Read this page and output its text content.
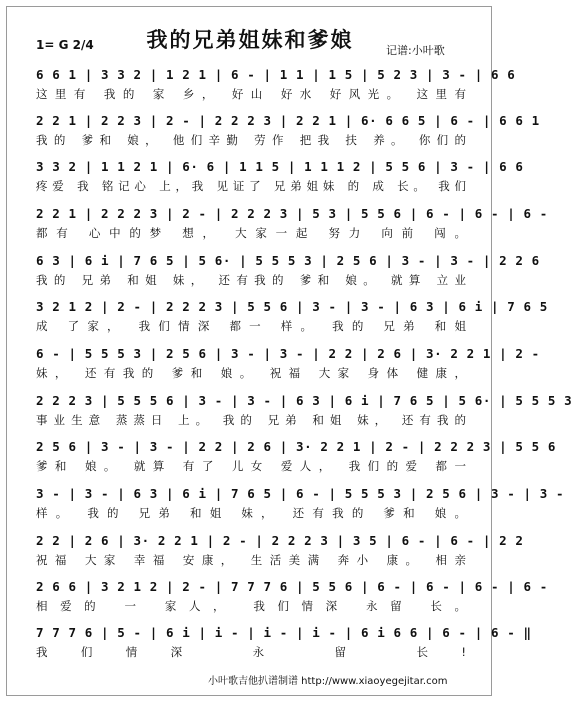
我的兄弟姐妹和爹娘
1= G 2/4	记谱:小叶歌
6 6 1 | 3 3 2 | 1 2 1 | 6 - | 1 1 | 1 5 | 5 2 3 | 3 - | 6 6
这里有 我的 家 乡， 好山 好水 好风光。 这里有
2 2 1 | 2 2 3 | 2 - | 2 2 2 3 | 2 2 1 | 6· 6 6 5 | 6 - | 6 6 1
我的 爹和 娘， 他们辛勤 劳作 把我 扶 养。 你们的
3 3 2 | 1 1 2 1 | 6· 6 | 1 1 5 | 1 1 1 2 | 5 5 6 | 3 - | 6 6
疼爱 我 铭记心 上，我 见证了 兄弟姐妹 的 成 长。 我们
2 2 1 | 2 2 2 3 | 2 - | 2 2 2 3 | 5 3 | 5 5 6 | 6 - | 6 - | 6 -
都有 心中的梦 想， 大家一起 努力 向前 闯。
6 3 | 6 i | 7 6 5 | 5 6· | 5 5 5 3 | 2 5 6 | 3 - | 3 - | 2 2 6
我的 兄弟 和姐 妹， 还有我的 爹和 娘。 就算 立业
3 2 1 2 | 2 - | 2 2 2 3 | 5 5 6 | 3 - | 3 - | 6 3 | 6 i | 7 6 5
成 了家， 我们情深 都一 样。 我的 兄弟 和姐
6 - | 5 5 5 3 | 2 5 6 | 3 - | 3 - | 2 2 | 2 6 | 3· 2 2 1 | 2 -
妹， 还有我的 爹和 娘。 祝福 大家 身体 健康，
2 2 2 3 | 5 5 5 6 | 3 - | 3 - | 6 3 | 6 i | 7 6 5 | 5 6· | 5 5 5 3
事业生意 蒸蒸日 上。 我的 兄弟 和姐 妹， 还有我的
2 5 6 | 3 - | 3 - | 2 2 | 2 6 | 3· 2 2 1 | 2 - | 2 2 2 3 | 5 5 6
爹和 娘。 就算 有了 儿女 爱人， 我们的爱 都一
3 - | 3 - | 6 3 | 6 i | 7 6 5 | 6 - | 5 5 5 3 | 2 5 6 | 3 - | 3 -
样。 我的 兄弟 和姐 妹， 还有我的 爹和 娘。
2 2 | 2 6 | 3· 2 2 1 | 2 - | 2 2 2 3 | 3 5 | 6 - | 6 - | 2 2
祝福 大家 幸福 安康， 生活美满 奔小 康。 相亲
2 6 6 | 3 2 1 2 | 2 - | 7 7 7 6 | 5 5 6 | 6 - | 6 - | 6 - | 6 -
相爱的 一 家人， 我们情深 永留 长。
7 7 7 6 | 5 - | 6 i | i - | i - | i - | 6 i 6 6 | 6 - | 6 - ‖
我们情深 永 留 长!
小叶歌吉他扒谱制谱 http://www.xiaoyegejitar.com
